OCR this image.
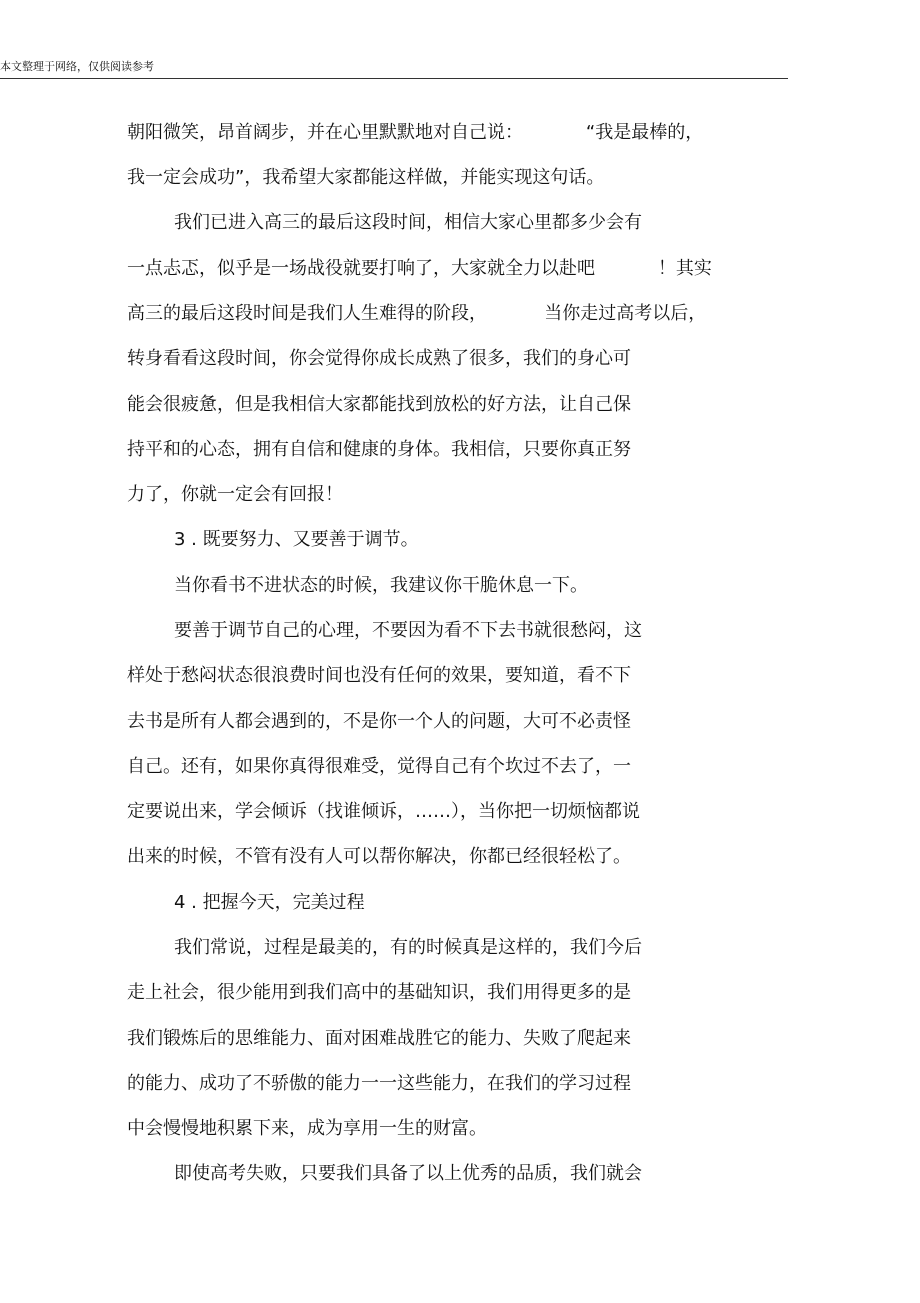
本文整理于网络，仅供阅读参考
朝阳微笑，昂首阔步，并在心里默默地对自己说：           “我是最棒的，
我一定会成功”，我希望大家都能这样做，并能实现这句话。
我们已进入高三的最后这段时间，相信大家心里都多少会有
一点忐忑，似乎是一场战役就要打响了，大家就全力以赴吧           ！其实
高三的最后这段时间是我们人生难得的阶段，          当你走过高考以后，
转身看看这段时间，你会觉得你成长成熟了很多，我们的身心可
能会很疲惫，但是我相信大家都能找到放松的好方法，让自己保
持平和的心态，拥有自信和健康的身体。我相信，只要你真正努
力了，你就一定会有回报！
3 . 既要努力、又要善于调节。
当你看书不进状态的时候，我建议你干脆休息一下。
要善于调节自己的心理，不要因为看不下去书就很愁闷，这
样处于愁闷状态很浪费时间也没有任何的效果，要知道，看不下
去书是所有人都会遇到的，不是你一个人的问题，大可不必责怪
自己。还有，如果你真得很难受，觉得自己有个坎过不去了，一
定要说出来，学会倾诉（找谁倾诉，……），当你把一切烦恼都说
出来的时候，不管有没有人可以帮你解决，你都已经很轻松了。
4 . 把握今天，完美过程
我们常说，过程是最美的，有的时候真是这样的，我们今后
走上社会，很少能用到我们高中的基础知识，我们用得更多的是
我们锻炼后的思维能力、面对困难战胜它的能力、失败了爬起来
的能力、成功了不骄傲的能力一一这些能力，在我们的学习过程
中会慢慢地积累下来，成为享用一生的财富。
即使高考失败，只要我们具备了以上优秀的品质，我们就会
